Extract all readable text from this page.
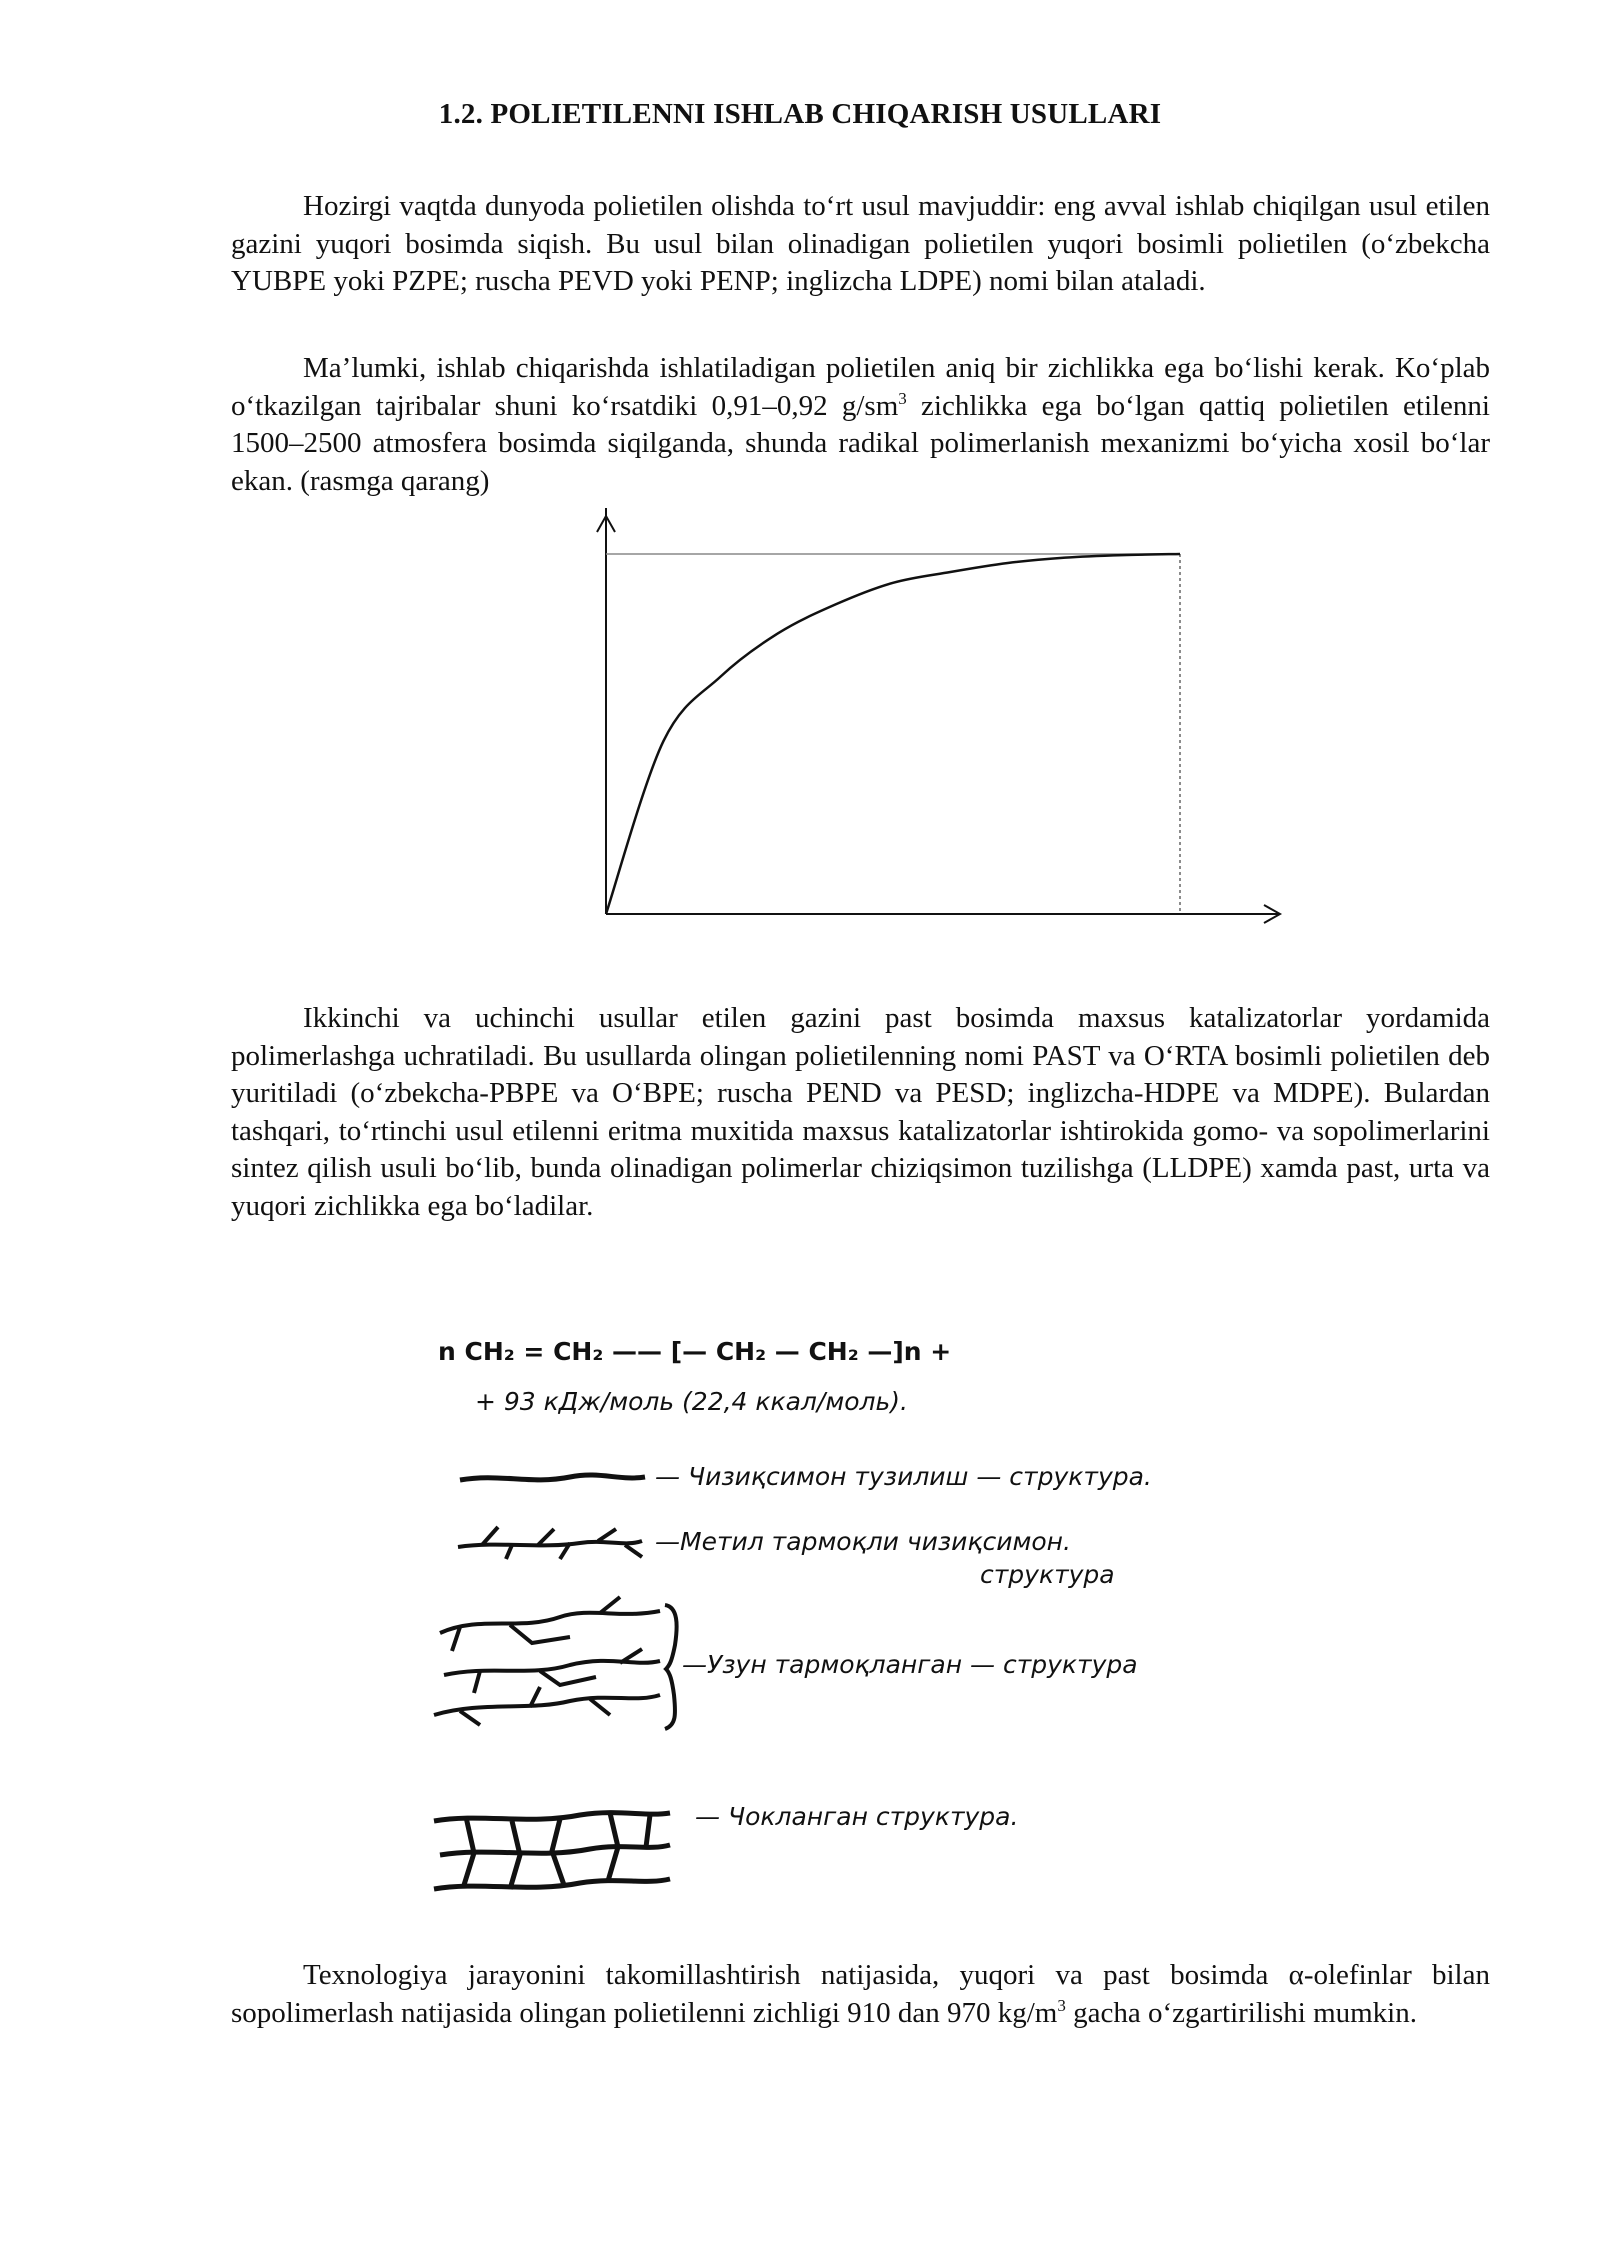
1.2. POLIETILENNI ISHLAB CHIQARISH USULLARI

Hozirgi vaqtda dunyoda polietilen olishda to‘rt usul mavjuddir: eng avval ishlab chiqilgan usul etilen gazini yuqori bosimda siqish. Bu usul bilan olinadigan polietilen yuqori bosimli polietilen (o‘zbekcha YUBPE yoki PZPE; ruscha PEVD yoki PENP; inglizcha LDPE) nomi bilan ataladi.

Ma’lumki, ishlab chiqarishda ishlatiladigan polietilen aniq bir zichlikka ega bo‘lishi kerak. Ko‘plab o‘tkazilgan tajribalar shuni ko‘rsatdiki 0,91–0,92 $g/sm^3$ zichlikka ega bo‘lgan qattiq polietilen etilenni 1500–2500 atmosfera bosimda siqilganda, shunda radikal polimerlanish mexanizmi bo‘yicha xosil bo‘lar ekan. (rasmga qarang)

Ikkinchi va uchinchi usullar etilen gazini past bosimda maxsus katalizatorlar yordamida polimerlashga uchratiladi. Bu usullarda olingan polietilenning nomi PAST va O‘RTA bosimli polietilen deb yuritiladi (o‘zbekcha-PBPE va O‘BPE; ruscha PEND va PESD; inglizcha-HDPE va MDPE). Bulardan tashqari, to‘rtinchi usul etilenni eritma muxitida maxsus katalizatorlar ishtirokida gomo- va sopolimerlarini sintez qilish usuli bo‘lib, bunda olinadigan polimerlar chiziqsimon tuzilishga (LLDPE) xamda past, urta va yuqori zichlikka ega bo‘ladilar.

n CH₂ = CH₂ —— [— CH₂ — CH₂ —]n +
+ 93 кДж/моль (22,4 ккал/моль).
— Чизиқсимон тузилиш — структура.
—Метил тармоқли чизиқсимон.
структура
—Узун тармоқланган — структура
— Чокланган структура.

Texnologiya jarayonini takomillashtirish natijasida, yuqori va past bosimda α-olefinlar bilan sopolimerlash natijasida olingan polietilenni zichligi 910 dan 970 $kg/m^3$ gacha o‘zgartirilishi mumkin.
